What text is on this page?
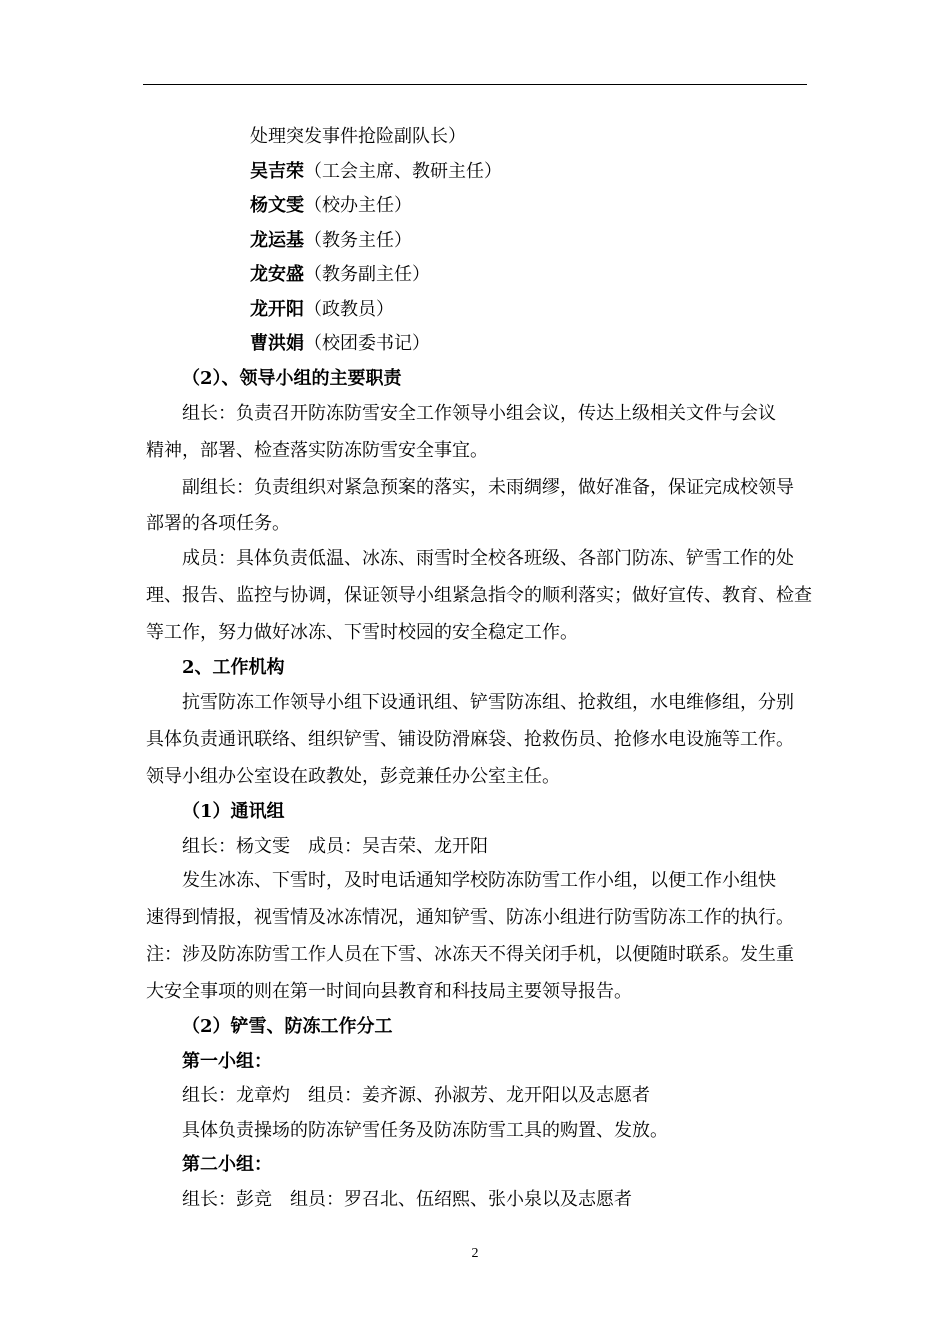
处理突发事件抢险副队长）
吴吉荣（工会主席、教研主任）
杨文雯（校办主任）
龙运基（教务主任）
龙安盛（教务副主任）
龙开阳（政教员）
曹洪娟（校团委书记）
（2）、领导小组的主要职责
组长：负责召开防冻防雪安全工作领导小组会议，传达上级相关文件与会议
精神，部署、检查落实防冻防雪安全事宜。
副组长：负责组织对紧急预案的落实，未雨绸缪，做好准备，保证完成校领导
部署的各项任务。
成员：具体负责低温、冰冻、雨雪时全校各班级、各部门防冻、铲雪工作的处
理、报告、监控与协调，保证领导小组紧急指令的顺利落实；做好宣传、教育、检查
等工作，努力做好冰冻、下雪时校园的安全稳定工作。
2、工作机构
抗雪防冻工作领导小组下设通讯组、铲雪防冻组、抢救组，水电维修组，分别
具体负责通讯联络、组织铲雪、铺设防滑麻袋、抢救伤员、抢修水电设施等工作。
领导小组办公室设在政教处，彭竞兼任办公室主任。
（1）通讯组
组长：杨文雯 成员：吴吉荣、龙开阳
发生冰冻、下雪时，及时电话通知学校防冻防雪工作小组，以便工作小组快
速得到情报，视雪情及冰冻情况，通知铲雪、防冻小组进行防雪防冻工作的执行。
注：涉及防冻防雪工作人员在下雪、冰冻天不得关闭手机，以便随时联系。发生重
大安全事项的则在第一时间向县教育和科技局主要领导报告。
（2）铲雪、防冻工作分工
第一小组：
组长：龙章灼 组员：姜齐源、孙淑芳、龙开阳以及志愿者
具体负责操场的防冻铲雪任务及防冻防雪工具的购置、发放。
第二小组：
组长：彭竞 组员：罗召北、伍绍熙、张小泉以及志愿者
2
